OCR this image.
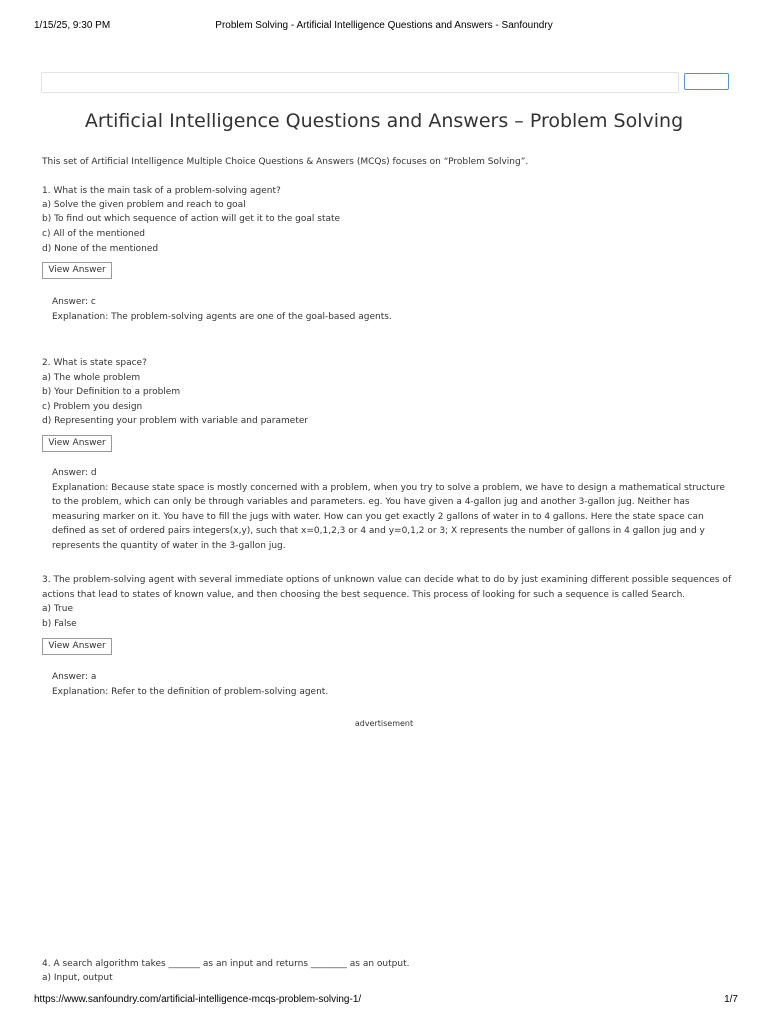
1/15/25, 9:30 PM	Problem Solving - Artificial Intelligence Questions and Answers - Sanfoundry
Artificial Intelligence Questions and Answers – Problem Solving
This set of Artificial Intelligence Multiple Choice Questions & Answers (MCQs) focuses on “Problem Solving”.
1. What is the main task of a problem-solving agent?
a) Solve the given problem and reach to goal
b) To find out which sequence of action will get it to the goal state
c) All of the mentioned
d) None of the mentioned
View Answer
Answer: c
Explanation: The problem-solving agents are one of the goal-based agents.
2. What is state space?
a) The whole problem
b) Your Definition to a problem
c) Problem you design
d) Representing your problem with variable and parameter
View Answer
Answer: d
Explanation: Because state space is mostly concerned with a problem, when you try to solve a problem, we have to design a mathematical structure to the problem, which can only be through variables and parameters. eg. You have given a 4-gallon jug and another 3-gallon jug. Neither has measuring marker on it. You have to fill the jugs with water. How can you get exactly 2 gallons of water in to 4 gallons. Here the state space can defined as set of ordered pairs integers(x,y), such that x=0,1,2,3 or 4 and y=0,1,2 or 3; X represents the number of gallons in 4 gallon jug and y represents the quantity of water in the 3-gallon jug.
3. The problem-solving agent with several immediate options of unknown value can decide what to do by just examining different possible sequences of
actions that lead to states of known value, and then choosing the best sequence. This process of looking for such a sequence is called Search.
a) True
b) False
View Answer
Answer: a
Explanation: Refer to the definition of problem-solving agent.
4. A search algorithm takes _______ as an input and returns ________ as an output.
a) Input, output
advertisement
https://www.sanfoundry.com/artificial-intelligence-mcqs-problem-solving-1/	1/7
